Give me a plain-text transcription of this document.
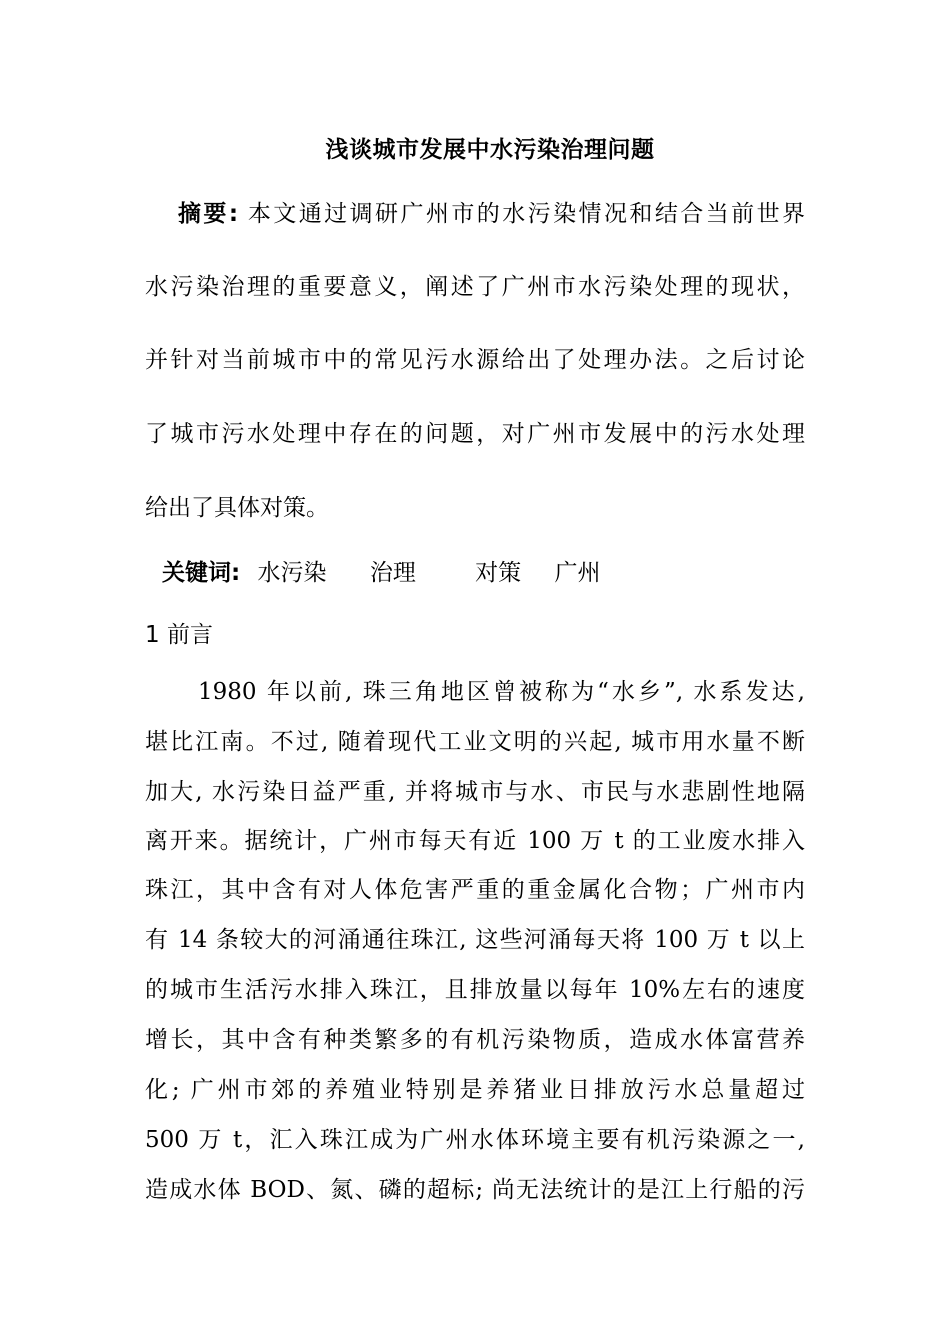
浅谈城市发展中水污染治理问题
摘要: 本文通过调研广州市的水污染情况和结合当前世界
水污染治理的重要意义，阐述了广州市水污染处理的现状，
并针对当前城市中的常见污水源给出了处理办法。之后讨论
了城市污水处理中存在的问题，对广州市发展中的污水处理
给出了具体对策。
关键词: 水污染 治理	对策 广州
1 前言
1980 年以前, 珠三角地区曾被称为“水乡”, 水系发达,
堪比江南。不过, 随着现代工业文明的兴起, 城市用水量不断
加大, 水污染日益严重, 并将城市与水、市民与水悲剧性地隔
离开来。据统计，广州市每天有近 100 万 t 的工业废水排入
珠江，其中含有对人体危害严重的重金属化合物；广州市内
有 14 条较大的河涌通往珠江, 这些河涌每天将 100 万 t 以上
的城市生活污水排入珠江，且排放量以每年 10%左右的速度
增长，其中含有种类繁多的有机污染物质，造成水体富营养
化; 广州市郊的养殖业特别是养猪业日排放污水总量超过
500 万 t，汇入珠江成为广州水体环境主要有机污染源之一,
造成水体 BOD、氮、磷的超标; 尚无法统计的是江上行船的污
